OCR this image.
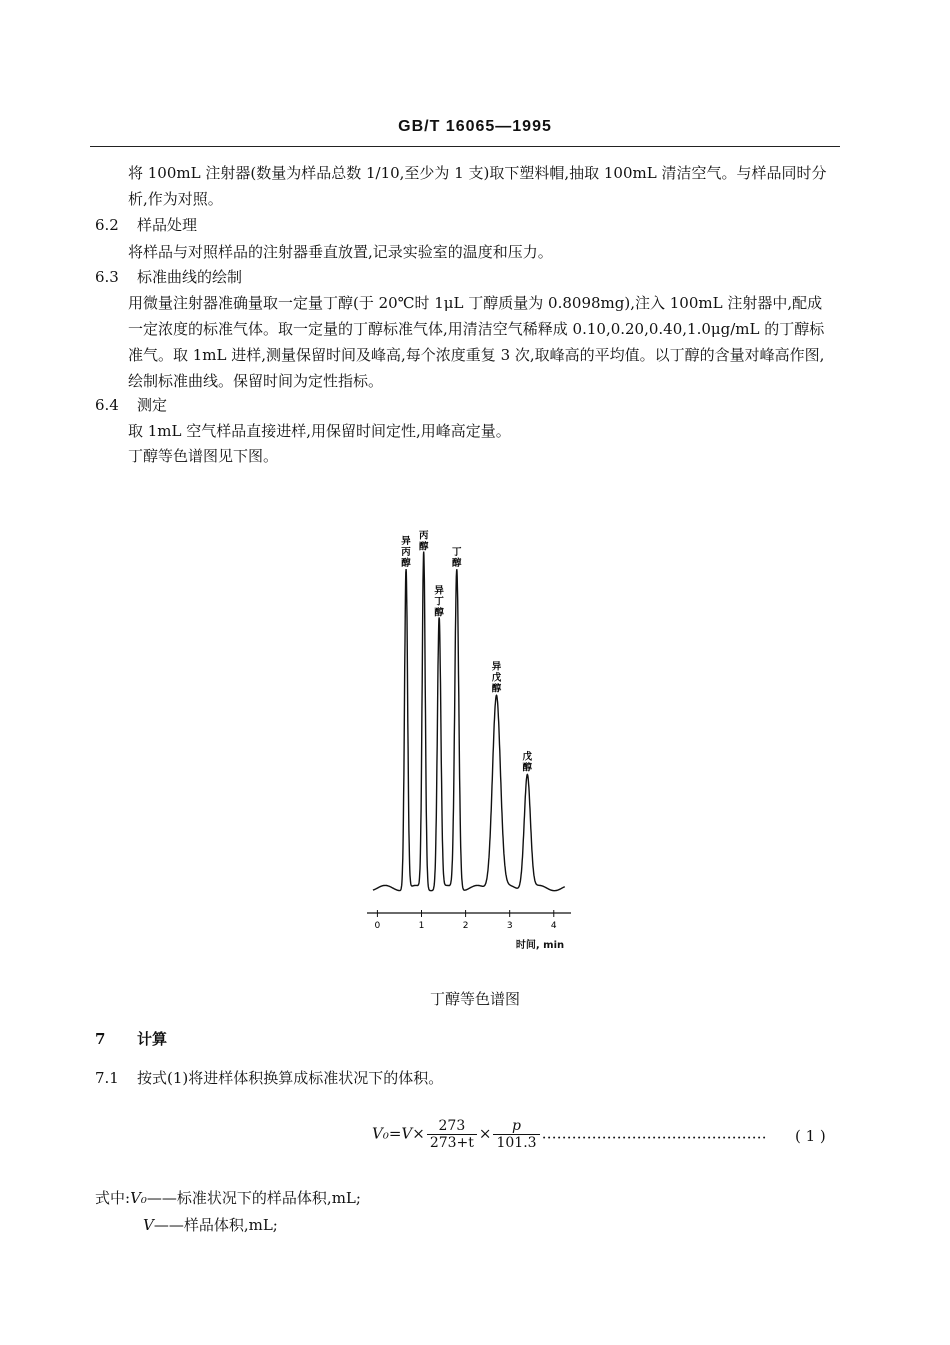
GB/T 16065—1995
将 100mL 注射器(数量为样品总数 1/10,至少为 1 支)取下塑料帽,抽取 100mL 清洁空气。与样品同时分析,作为对照。
6.2 样品处理
将样品与对照样品的注射器垂直放置,记录实验室的温度和压力。
6.3 标准曲线的绘制
用微量注射器准确量取一定量丁醇(于 20℃时 1μL 丁醇质量为 0.8098mg),注入 100mL 注射器中,配成一定浓度的标准气体。取一定量的丁醇标准气体,用清洁空气稀释成 0.10,0.20,0.40,1.0μg/mL 的丁醇标准气。取 1mL 进样,测量保留时间及峰高,每个浓度重复 3 次,取峰高的平均值。以丁醇的含量对峰高作图,绘制标准曲线。保留时间为定性指标。
6.4 测定
取 1mL 空气样品直接进样,用保留时间定性,用峰高定量。
丁醇等色谱图见下图。
0	1	2	3	4
异丙醇
丙醇
异丁醇
丁醇
异戊醇
戊醇
时间, min
丁醇等色谱图
7 计算
7.1 按式(1)将进样体积换算成标准状况下的体积。
$V_0=V\times \frac{273}{273+t} \times \frac{p}{101.3}$ ……………………………………… ( 1 )
式中:V₀——标准状况下的样品体积,mL;
V——样品体积,mL;
